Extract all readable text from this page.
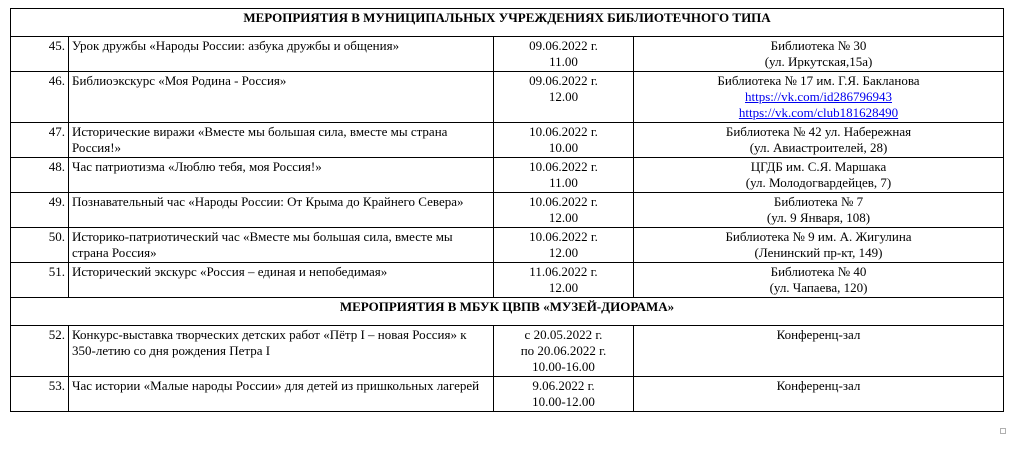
МЕРОПРИЯТИЯ В МУНИЦИПАЛЬНЫХ УЧРЕЖДЕНИЯХ БИБЛИОТЕЧНОГО ТИПА			
45.	Урок дружбы «Народы России: азбука дружбы и общения»	09.06.2022 г.
11.00	Библиотека № 30
(ул. Иркутская,15а)

46.	Библиоэкскурс «Моя Родина - Россия»	09.06.2022 г.
12.00	Библиотека № 17 им. Г.Я. Бакланова
https://vk.com/id286796943
https://vk.com/club181628490

47.	Исторические виражи «Вместе мы большая сила, вместе мы страна Россия!»	10.06.2022 г.
10.00	Библиотека № 42 ул. Набережная
(ул. Авиастроителей, 28)

48.	Час патриотизма «Люблю тебя, моя Россия!»	10.06.2022 г.
11.00	ЦГДБ им. С.Я. Маршака
(ул. Молодогвардейцев, 7)

49.	Познавательный час «Народы России: От Крыма до Крайнего Севера»	10.06.2022 г.
12.00	Библиотека № 7
(ул. 9 Января, 108)

50.	Историко-патриотический час «Вместе мы большая сила, вместе мы страна Россия»	10.06.2022 г.
12.00	Библиотека № 9 им. А. Жигулина
(Ленинский пр-кт, 149)

51.	Исторический экскурс «Россия – единая и непобедимая»	11.06.2022 г.
12.00	Библиотека № 40
(ул. Чапаева, 120)

МЕРОПРИЯТИЯ В МБУК ЦВПВ «МУЗЕЙ-ДИОРАМА»			
52.	Конкурс-выставка творческих детских работ «Пётр I – новая Россия» к 350-летию со дня рождения Петра I	с 20.05.2022 г.
по 20.06.2022 г.
10.00-16.00	Конференц-зал

53.	Час истории «Малые народы России» для детей из пришкольных лагерей	9.06.2022 г.
10.00-12.00	Конференц-зал
